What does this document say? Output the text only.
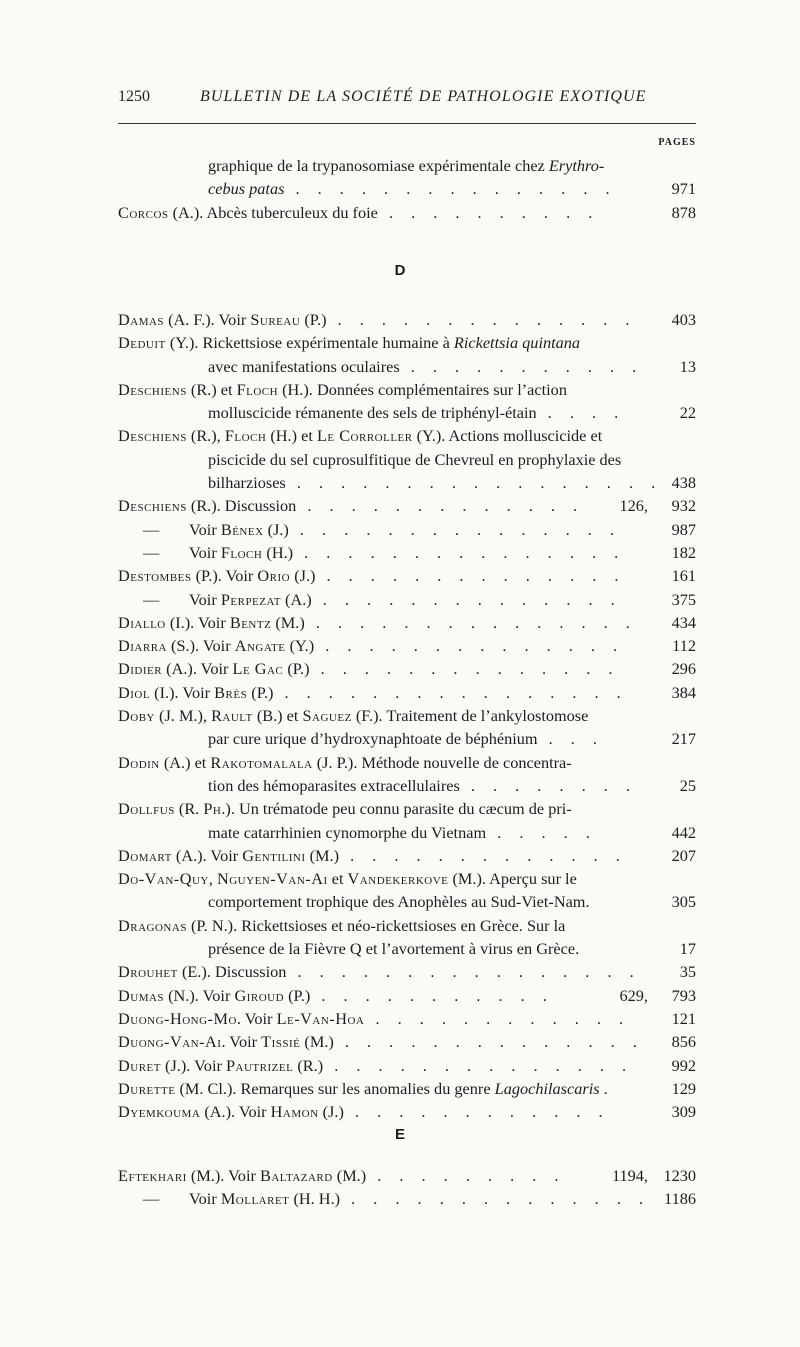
1250	BULLETIN DE LA SOCIÉTÉ DE PATHOLOGIE EXOTIQUE
PAGES
graphique de la trypanosomiase expérimentale chez Erythro-
cebus patas . . . . . . . . . . . . . . .	971
Corcos (A.). Abcès tuberculeux du foie . . . . . . . . . .	878
D
Damas (A. F.). Voir Sureau (P.) . . . . . . . . . . . . . . 403
Deduit (Y.). Rickettsiose expérimentale humaine à Rickettsia quintana
avec manifestations oculaires . . . . . . . . . . . 13
Deschiens (R.) et Floch (H.). Données complémentaires sur l’action
molluscicide rémanente des sels de triphényl-étain . . . .	22
Deschiens (R.), Floch (H.) et Le Corroller (Y.). Actions molluscicide et
piscicide du sel cuprosulfitique de Chevreul en prophylaxie des
bilharzioses . . . . . . . . . . . . . . . . . 438
Deschiens (R.). Discussion . . . . . . . . . . . . . 126, 932
— Voir Bénex (J.) . . . . . . . . . . . . . . .	987
— Voir Floch (H.) . . . . . . . . . . . . . . .	182
Destombes (P.). Voir Orio (J.) . . . . . . . . . . . . . .	161
— Voir Perpezat (A.) . . . . . . . . . . . . . .	375
Diallo (I.). Voir Bentz (M.) . . . . . . . . . . . . . . . 434
Diarra (S.). Voir Angate (Y.) . . . . . . . . . . . . . .	112
Didier (A.). Voir Le Gac (P.) . . . . . . . . . . . . . .	296
Diol (I.). Voir Brès (P.) . . . . . . . . . . . . . . . .	384
Doby (J. M.), Rault (B.) et Saguez (F.). Traitement de l’ankylostomose
par cure urique d’hydroxynaphtoate de béphénium . . .	217
Dodin (A.) et Rakotomalala (J. P.). Méthode nouvelle de concentra-
tion des hémoparasites extracellulaires . . . . . . . .	25
Dollfus (R. Ph.). Un trématode peu connu parasite du cæcum de pri-
mate catarrhinien cynomorphe du Vietnam . . . . .	442
Domart (A.). Voir Gentilini (M.) . . . . . . . . . . . . .	207
Do-Van-Quy, Nguyen-Van-Ai et Vandekerkove (M.). Aperçu sur le
comportement trophique des Anophèles au Sud-Viet-Nam.	305
Dragonas (P. N.). Rickettsioses et néo-rickettsioses en Grèce. Sur la
présence de la Fièvre Q et l’avortement à virus en Grèce.	17
Drouhet (E.). Discussion . . . . . . . . . . . . . . . . 35
Dumas (N.). Voir Giroud (P.) . . . . . . . . . . .	629, 793
Duong-Hong-Mo. Voir Le-Van-Hoa . . . . . . . . . . . .	121
Duong-Van-Ai. Voir Tissié (M.) . . . . . . . . . . . . . . 856
Duret (J.). Voir Pautrizel (R.) . . . . . . . . . . . . . . 992
Durette (M. Cl.). Remarques sur les anomalies du genre Lagochilascaris .	129
Dyemkouma (A.). Voir Hamon (J.) . . . . . . . . . . . .	309
E
Eftekhari (M.). Voir Baltazard (M.) . . . . . . . . .	1194, 1230
— Voir Mollaret (H. H.) . . . . . . . . . . . . . . 1186
